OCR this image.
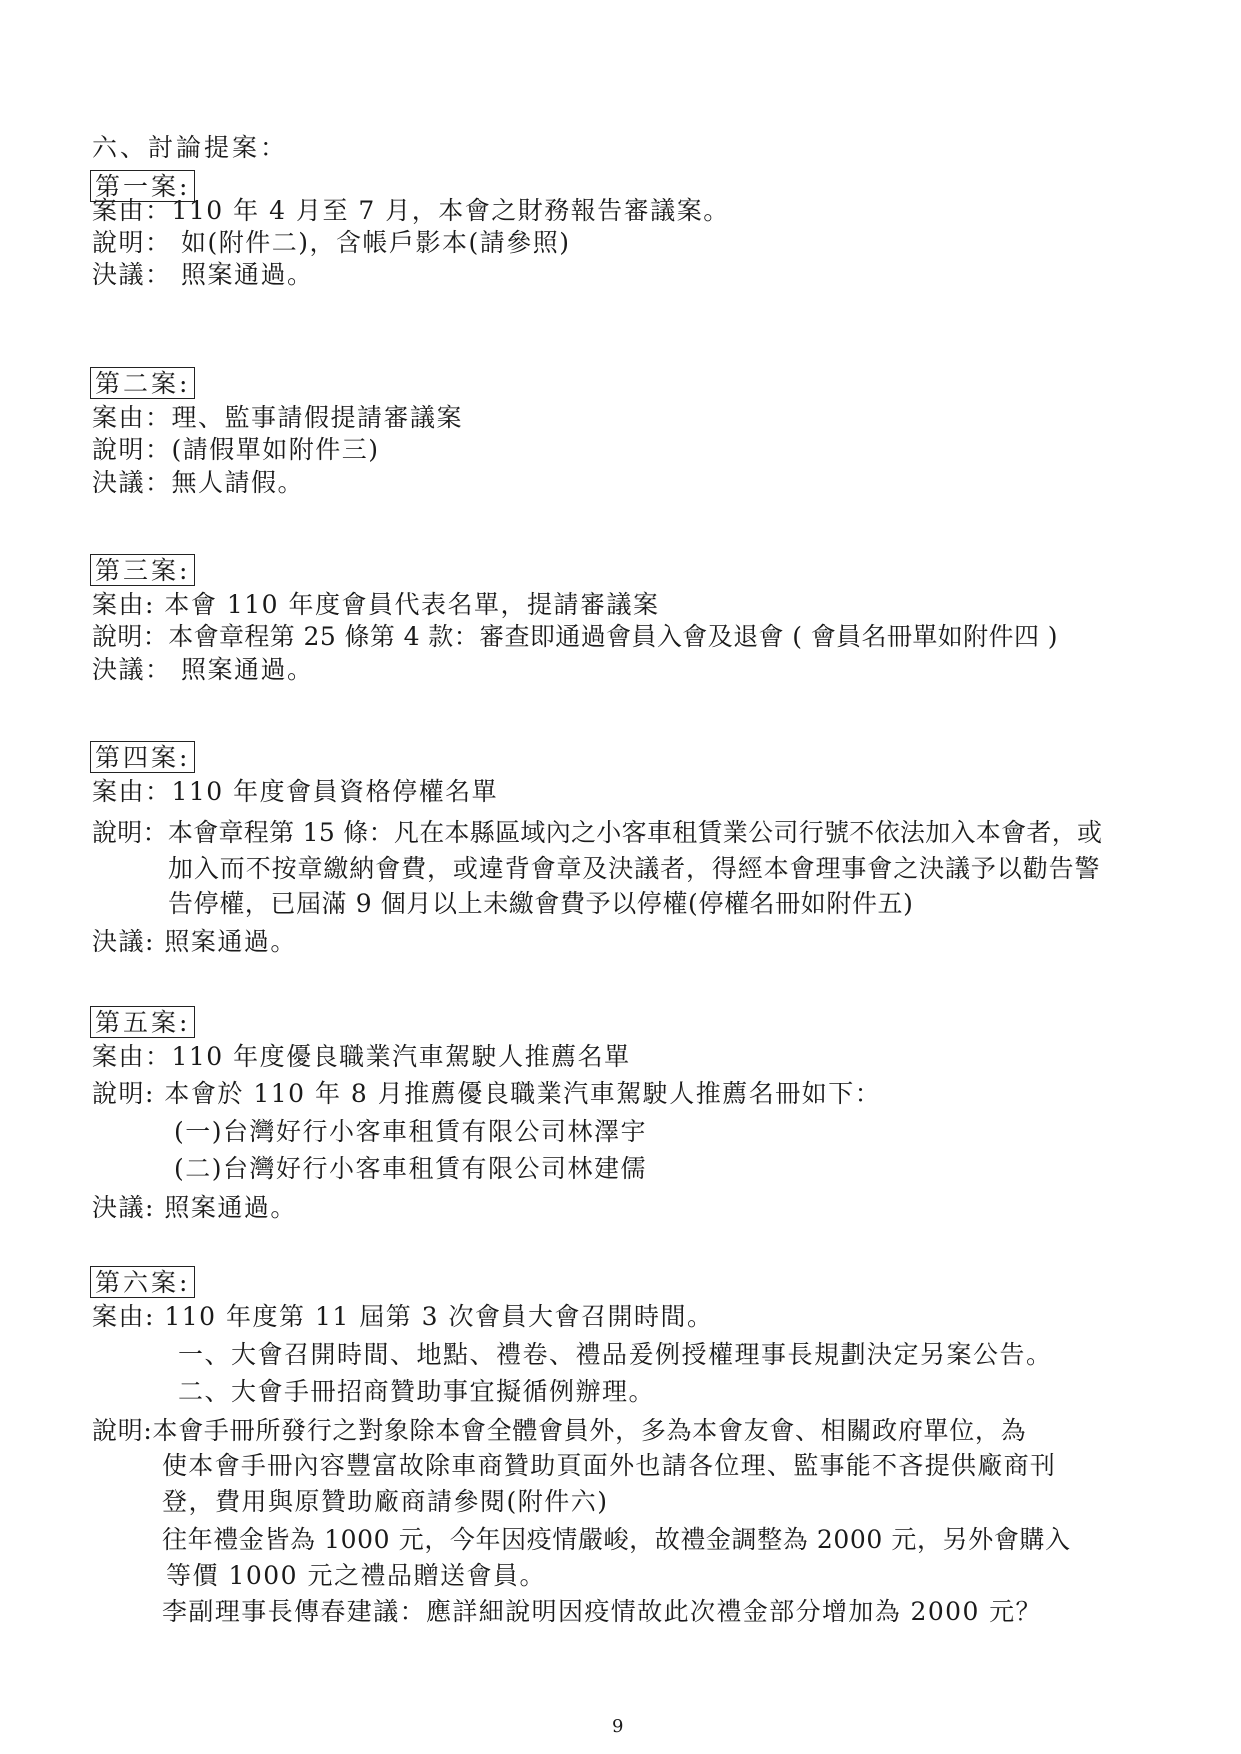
六、討論提案：
第一案:
案由：110 年 4 月至 7 月，本會之財務報告審議案。
說明： 如(附件二)，含帳戶影本(請參照)
決議： 照案通過。
第二案:
案由：理、監事請假提請審議案
說明：(請假單如附件三)
決議：無人請假。
第三案:
案由: 本會 110 年度會員代表名單，提請審議案
說明：本會章程第 25 條第 4 款：審查即通過會員入會及退會 ( 會員名冊單如附件四 )
決議： 照案通過。
第四案:
案由：110 年度會員資格停權名單
說明：本會章程第 15 條：凡在本縣區域內之小客車租賃業公司行號不依法加入本會者，或
加入而不按章繳納會費，或違背會章及決議者，得經本會理事會之決議予以勸告警
告停權，已屆滿 9 個月以上未繳會費予以停權(停權名冊如附件五)
決議: 照案通過。
第五案:
案由：110 年度優良職業汽車駕駛人推薦名單
說明: 本會於 110 年 8 月推薦優良職業汽車駕駛人推薦名冊如下：
(一)台灣好行小客車租賃有限公司林澤宇
(二)台灣好行小客車租賃有限公司林建儒
決議: 照案通過。
第六案:
案由: 110 年度第 11 屆第 3 次會員大會召開時間。
一、大會召開時間、地點、禮卷、禮品爰例授權理事長規劃決定另案公告。
二、大會手冊招商贊助事宜擬循例辦理。
說明:本會手冊所發行之對象除本會全體會員外，多為本會友會、相關政府單位，為
使本會手冊內容豐富故除車商贊助頁面外也請各位理、監事能不吝提供廠商刊
登，費用與原贊助廠商請參閱(附件六)
往年禮金皆為 1000 元，今年因疫情嚴峻，故禮金調整為 2000 元，另外會購入
等價 1000 元之禮品贈送會員。
李副理事長傳春建議：應詳細說明因疫情故此次禮金部分增加為 2000 元？
9
